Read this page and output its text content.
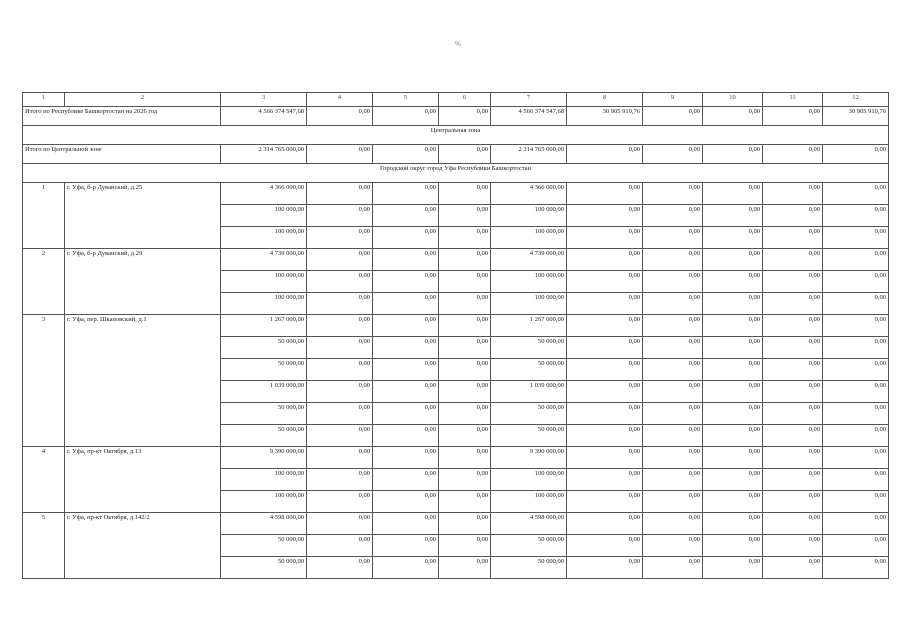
%
1	2	3	4	5	6	7	8	9	10	11	12
Итого по Республике Башкортостан на 2026 год		4 566 374 547,68	0,00	0,00	0,00	4 566 374 547,68	30 905 910,76	0,00	0,00	0,00	30 905 910,76
Центральная зона											
Итого по Центральной зоне		2 314 765 000,00	0,00	0,00	0,00	2 314 765 000,00	0,00	0,00	0,00	0,00	0,00
Городской округ город Уфа Республики Башкортостан											
1	г. Уфа, б-р Дуванский, д.25	4 366 000,00	0,00	0,00	0,00	4 366 000,00	0,00	0,00	0,00	0,00	0,00
		100 000,00	0,00	0,00	0,00	100 000,00	0,00	0,00	0,00	0,00	0,00
		100 000,00	0,00	0,00	0,00	100 000,00	0,00	0,00	0,00	0,00	0,00
2	г. Уфа, б-р Дуванский, д.29	4 739 000,00	0,00	0,00	0,00	4 739 000,00	0,00	0,00	0,00	0,00	0,00
		100 000,00	0,00	0,00	0,00	100 000,00	0,00	0,00	0,00	0,00	0,00
		100 000,00	0,00	0,00	0,00	100 000,00	0,00	0,00	0,00	0,00	0,00
3	г. Уфа, пер. Шкаповский, д.1	1 267 000,00	0,00	0,00	0,00	1 267 000,00	0,00	0,00	0,00	0,00	0,00
		50 000,00	0,00	0,00	0,00	50 000,00	0,00	0,00	0,00	0,00	0,00
		50 000,00	0,00	0,00	0,00	50 000,00	0,00	0,00	0,00	0,00	0,00
		1 039 000,00	0,00	0,00	0,00	1 039 000,00	0,00	0,00	0,00	0,00	0,00
		50 000,00	0,00	0,00	0,00	50 000,00	0,00	0,00	0,00	0,00	0,00
		50 000,00	0,00	0,00	0,00	50 000,00	0,00	0,00	0,00	0,00	0,00
4	г. Уфа, пр-кт Октября, д.13	9 390 000,00	0,00	0,00	0,00	9 390 000,00	0,00	0,00	0,00	0,00	0,00
		100 000,00	0,00	0,00	0,00	100 000,00	0,00	0,00	0,00	0,00	0,00
		100 000,00	0,00	0,00	0,00	100 000,00	0,00	0,00	0,00	0,00	0,00
5	г. Уфа, пр-кт Октября, д.142/2	4 598 000,00	0,00	0,00	0,00	4 598 000,00	0,00	0,00	0,00	0,00	0,00
		50 000,00	0,00	0,00	0,00	50 000,00	0,00	0,00	0,00	0,00	0,00
		50 000,00	0,00	0,00	0,00	50 000,00	0,00	0,00	0,00	0,00	0,00
